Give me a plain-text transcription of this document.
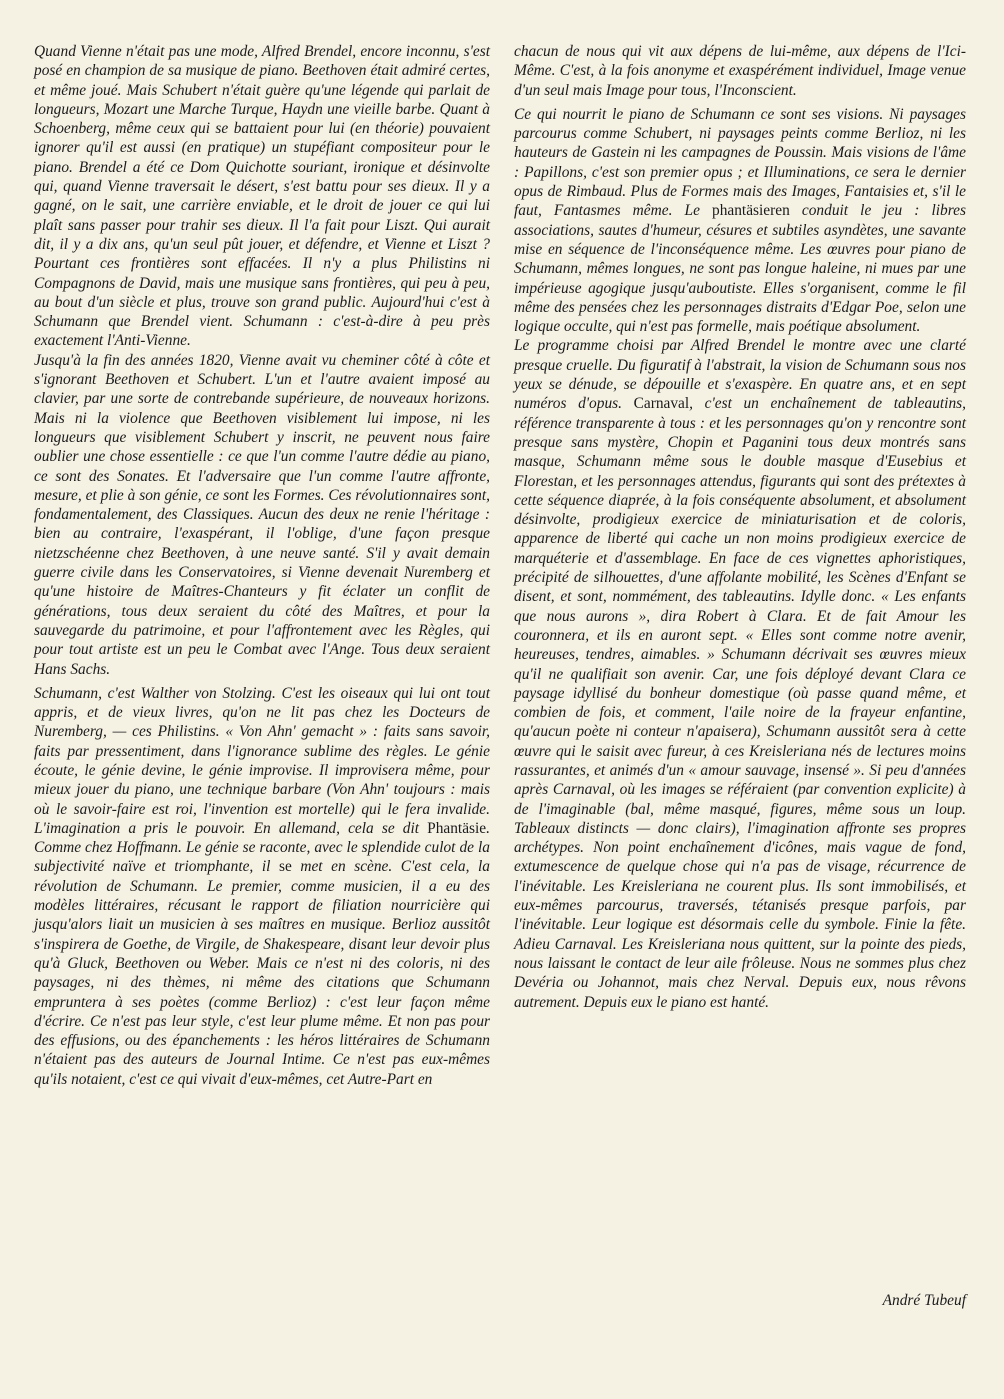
Quand Vienne n'était pas une mode, Alfred Brendel, encore inconnu, s'est posé en champion de sa musique de piano. Beethoven était admiré certes, et même joué. Mais Schubert n'était guère qu'une légende qui parlait de longueurs, Mozart une Marche Turque, Haydn une vieille barbe. Quant à Schoenberg, même ceux qui se battaient pour lui (en théorie) pouvaient ignorer qu'il est aussi (en pratique) un stupéfiant compositeur pour le piano. Brendel a été ce Dom Quichotte souriant, ironique et désinvolte qui, quand Vienne traversait le désert, s'est battu pour ses dieux. Il y a gagné, on le sait, une carrière enviable, et le droit de jouer ce qui lui plaît sans passer pour trahir ses dieux. Il l'a fait pour Liszt. Qui aurait dit, il y a dix ans, qu'un seul pût jouer, et défendre, et Vienne et Liszt ? Pourtant ces frontières sont effacées. Il n'y a plus Philistins ni Compagnons de David, mais une musique sans frontières, qui peu à peu, au bout d'un siècle et plus, trouve son grand public. Aujourd'hui c'est à Schumann que Brendel vient. Schumann : c'est-à-dire à peu près exactement l'Anti-Vienne.

Jusqu'à la fin des années 1820, Vienne avait vu cheminer côté à côte et s'ignorant Beethoven et Schubert. L'un et l'autre avaient imposé au clavier, par une sorte de contrebande supérieure, de nouveaux horizons. Mais ni la violence que Beethoven visiblement lui impose, ni les longueurs que visiblement Schubert y inscrit, ne peuvent nous faire oublier une chose essentielle : ce que l'un comme l'autre dédie au piano, ce sont des Sonates. Et l'adversaire que l'un comme l'autre affronte, mesure, et plie à son génie, ce sont les Formes. Ces révolutionnaires sont, fondamentalement, des Classiques. Aucun des deux ne renie l'héritage : bien au contraire, l'exaspérant, il l'oblige, d'une façon presque nietzschéenne chez Beethoven, à une neuve santé. S'il y avait demain guerre civile dans les Conservatoires, si Vienne devenait Nuremberg et qu'une histoire de Maîtres-Chanteurs y fit éclater un conflit de générations, tous deux seraient du côté des Maîtres, et pour la sauvegarde du patrimoine, et pour l'affrontement avec les Règles, qui pour tout artiste est un peu le Combat avec l'Ange. Tous deux seraient Hans Sachs.

Schumann, c'est Walther von Stolzing. C'est les oiseaux qui lui ont tout appris, et de vieux livres, qu'on ne lit pas chez les Docteurs de Nuremberg, — ces Philistins. « Von Ahn' gemacht » : faits sans savoir, faits par pressentiment, dans l'ignorance sublime des règles. Le génie écoute, le génie devine, le génie improvise. Il improvisera même, pour mieux jouer du piano, une technique barbare (Von Ahn' toujours : mais où le savoir-faire est roi, l'invention est mortelle) qui le fera invalide. L'imagination a pris le pouvoir. En allemand, cela se dit Phantäsie. Comme chez Hoffmann. Le génie se raconte, avec le splendide culot de la subjectivité naïve et triomphante, il se met en scène. C'est cela, la révolution de Schumann. Le premier, comme musicien, il a eu des modèles littéraires, récusant le rapport de filiation nourricière qui jusqu'alors liait un musicien à ses maîtres en musique. Berlioz aussitôt s'inspirera de Goethe, de Virgile, de Shakespeare, disant leur devoir plus qu'à Gluck, Beethoven ou Weber. Mais ce n'est ni des coloris, ni des paysages, ni des thèmes, ni même des citations que Schumann empruntera à ses poètes (comme Berlioz) : c'est leur façon même d'écrire. Ce n'est pas leur style, c'est leur plume même. Et non pas pour des effusions, ou des épanchements : les héros littéraires de Schumann n'étaient pas des auteurs de Journal Intime. Ce n'est pas eux-mêmes qu'ils notaient, c'est ce qui vivait d'eux-mêmes, cet Autre-Part en

chacun de nous qui vit aux dépens de lui-même, aux dépens de l'Ici-Même. C'est, à la fois anonyme et exaspérément individuel, Image venue d'un seul mais Image pour tous, l'Inconscient.

Ce qui nourrit le piano de Schumann ce sont ses visions. Ni paysages parcourus comme Schubert, ni paysages peints comme Berlioz, ni les hauteurs de Gastein ni les campagnes de Poussin. Mais visions de l'âme : Papillons, c'est son premier opus ; et Illuminations, ce sera le dernier opus de Rimbaud. Plus de Formes mais des Images, Fantaisies et, s'il le faut, Fantasmes même. Le phantäsieren conduit le jeu : libres associations, sautes d'humeur, césures et subtiles asyndètes, une savante mise en séquence de l'inconséquence même. Les œuvres pour piano de Schumann, mêmes longues, ne sont pas longue haleine, ni mues par une impérieuse agogique jusqu'auboutiste. Elles s'organisent, comme le fil même des pensées chez les personnages distraits d'Edgar Poe, selon une logique occulte, qui n'est pas formelle, mais poétique absolument.

Le programme choisi par Alfred Brendel le montre avec une clarté presque cruelle. Du figuratif à l'abstrait, la vision de Schumann sous nos yeux se dénude, se dépouille et s'exaspère. En quatre ans, et en sept numéros d'opus. Carnaval, c'est un enchaînement de tableautins, référence transparente à tous : et les personnages qu'on y rencontre sont presque sans mystère, Chopin et Paganini tous deux montrés sans masque, Schumann même sous le double masque d'Eusebius et Florestan, et les personnages attendus, figurants qui sont des prétextes à cette séquence diaprée, à la fois conséquente absolument, et absolument désinvolte, prodigieux exercice de miniaturisation et de coloris, apparence de liberté qui cache un non moins prodigieux exercice de marquéterie et d'assemblage. En face de ces vignettes aphoristiques, précipité de silhouettes, d'une affolante mobilité, les Scènes d'Enfant se disent, et sont, nommément, des tableautins. Idylle donc. « Les enfants que nous aurons », dira Robert à Clara. Et de fait Amour les couronnera, et ils en auront sept. « Elles sont comme notre avenir, heureuses, tendres, aimables. » Schumann décrivait ses œuvres mieux qu'il ne qualifiait son avenir. Car, une fois déployé devant Clara ce paysage idyllisé du bonheur domestique (où passe quand même, et combien de fois, et comment, l'aile noire de la frayeur enfantine, qu'aucun poète ni conteur n'apaisera), Schumann aussitôt sera à cette œuvre qui le saisit avec fureur, à ces Kreisleriana nés de lectures moins rassurantes, et animés d'un « amour sauvage, insensé ». Si peu d'années après Carnaval, où les images se référaient (par convention explicite) à de l'imaginable (bal, même masqué, figures, même sous un loup. Tableaux distincts — donc clairs), l'imagination affronte ses propres archétypes. Non point enchaînement d'icônes, mais vague de fond, extumescence de quelque chose qui n'a pas de visage, récurrence de l'inévitable. Les Kreisleriana ne courent plus. Ils sont immobilisés, et eux-mêmes parcourus, traversés, tétanisés presque parfois, par l'inévitable. Leur logique est désormais celle du symbole. Finie la fête. Adieu Carnaval. Les Kreisleriana nous quittent, sur la pointe des pieds, nous laissant le contact de leur aile frôleuse. Nous ne sommes plus chez Devéria ou Johannot, mais chez Nerval. Depuis eux, nous rêvons autrement. Depuis eux le piano est hanté.

André Tubeuf
